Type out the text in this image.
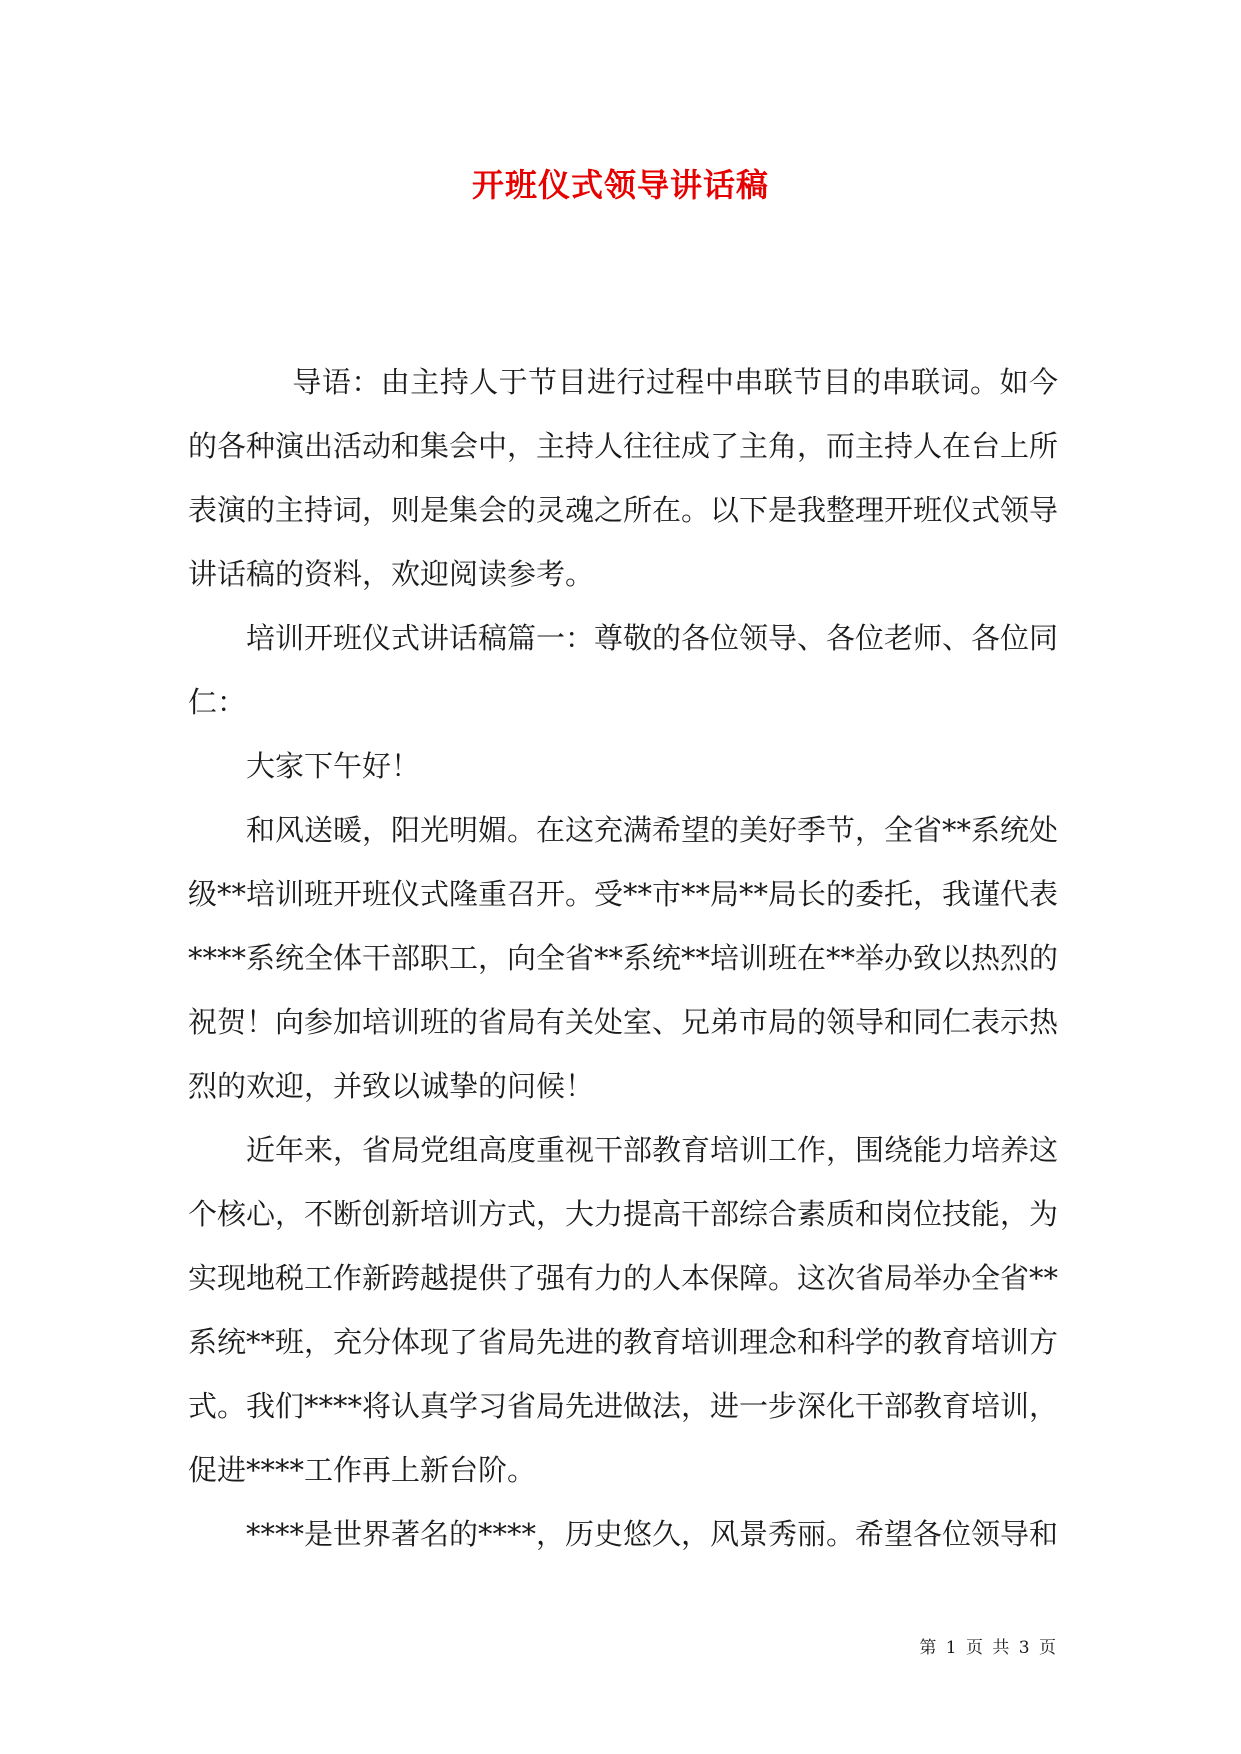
开班仪式领导讲话稿

导语：由主持人于节目进行过程中串联节目的串联词。如今的各种演出活动和集会中，主持人往往成了主角，而主持人在台上所表演的主持词，则是集会的灵魂之所在。以下是我整理开班仪式领导讲话稿的资料，欢迎阅读参考。

培训开班仪式讲话稿篇一：尊敬的各位领导、各位老师、各位同仁：

大家下午好！

和风送暖，阳光明媚。在这充满希望的美好季节，全省**系统处级**培训班开班仪式隆重召开。受**市**局**局长的委托，我谨代表****系统全体干部职工，向全省**系统**培训班在**举办致以热烈的祝贺！向参加培训班的省局有关处室、兄弟市局的领导和同仁表示热烈的欢迎，并致以诚挚的问候！

近年来，省局党组高度重视干部教育培训工作，围绕能力培养这个核心，不断创新培训方式，大力提高干部综合素质和岗位技能，为实现地税工作新跨越提供了强有力的人本保障。这次省局举办全省**系统**班，充分体现了省局先进的教育培训理念和科学的教育培训方式。我们****将认真学习省局先进做法，进一步深化干部教育培训，促进****工作再上新台阶。

****是世界著名的****，历史悠久，风景秀丽。希望各位领导和

第 1 页 共 3 页
